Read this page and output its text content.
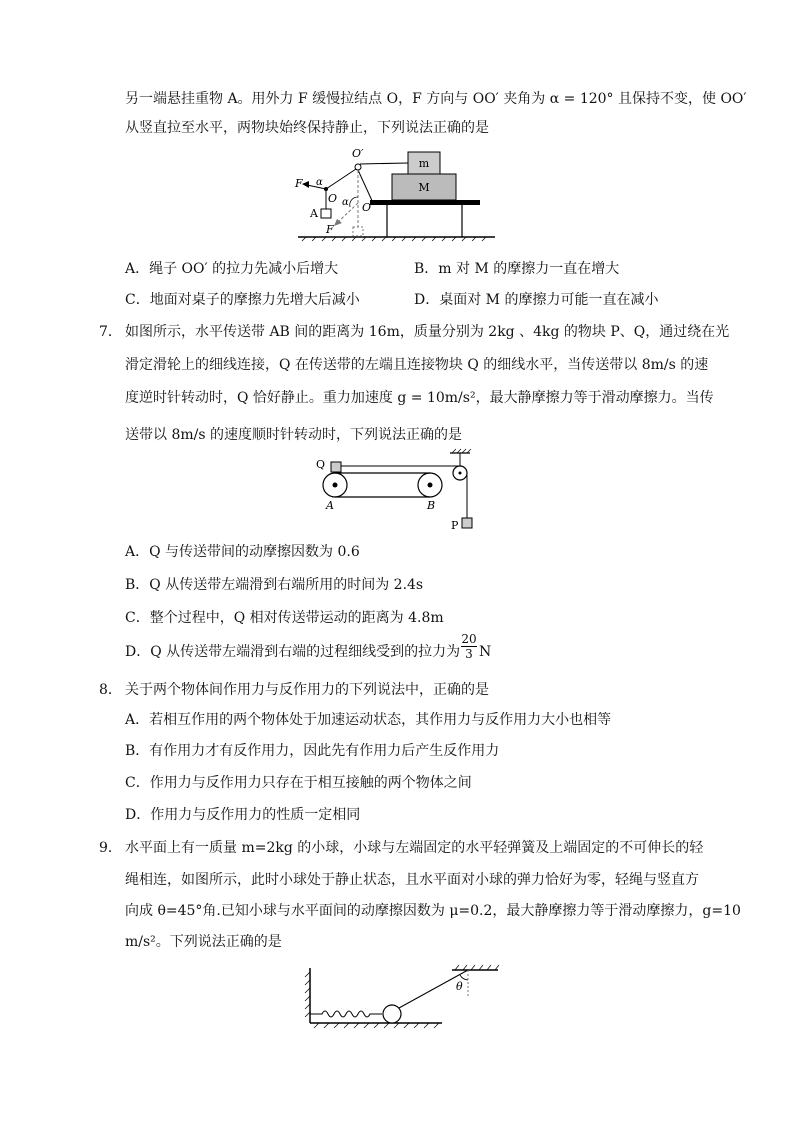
另一端悬挂重物 A。用外力 F 缓慢拉结点 O，F 方向与 OO′ 夹角为 α = 120° 且保持不变，使 OO′
从竖直拉至水平，两物块始终保持静止，下列说法正确的是
m
M
O′
F α
O
A
α O
F
A．绳子 OO′ 的拉力先减小后增大	B．m 对 M 的摩擦力一直在增大
C．地面对桌子的摩擦力先增大后减小	D．桌面对 M 的摩擦力可能一直在减小
7． 如图所示，水平传送带 AB 间的距离为 16m，质量分别为 2kg 、4kg 的物块 P、Q，通过绕在光
滑定滑轮上的细线连接，Q 在传送带的左端且连接物块 Q 的细线水平，当传送带以 8m/s 的速
度逆时针转动时，Q 恰好静止。重力加速度 g = 10m/s²，最大静摩擦力等于滑动摩擦力。当传
送带以 8m/s 的速度顺时针转动时，下列说法正确的是
Q
A	B
P
A．Q 与传送带间的动摩擦因数为 0.6
B．Q 从传送带左端滑到右端所用的时间为 2.4s
C．整个过程中，Q 相对传送带运动的距离为 4.8m
D．Q 从传送带左端滑到右端的过程细线受到的拉力为
20
3 N
8． 关于两个物体间作用力与反作用力的下列说法中，正确的是
A．若相互作用的两个物体处于加速运动状态，其作用力与反作用力大小也相等
B．有作用力才有反作用力，因此先有作用力后产生反作用力
C．作用力与反作用力只存在于相互接触的两个物体之间
D．作用力与反作用力的性质一定相同
9． 水平面上有一质量 m=2kg 的小球，小球与左端固定的水平轻弹簧及上端固定的不可伸长的轻
绳相连，如图所示，此时小球处于静止状态，且水平面对小球的弹力恰好为零，轻绳与竖直方
向成 θ=45°角.已知小球与水平面间的动摩擦因数为 μ=0.2，最大静摩擦力等于滑动摩擦力，g=10
m/s²。下列说法正确的是
θ
